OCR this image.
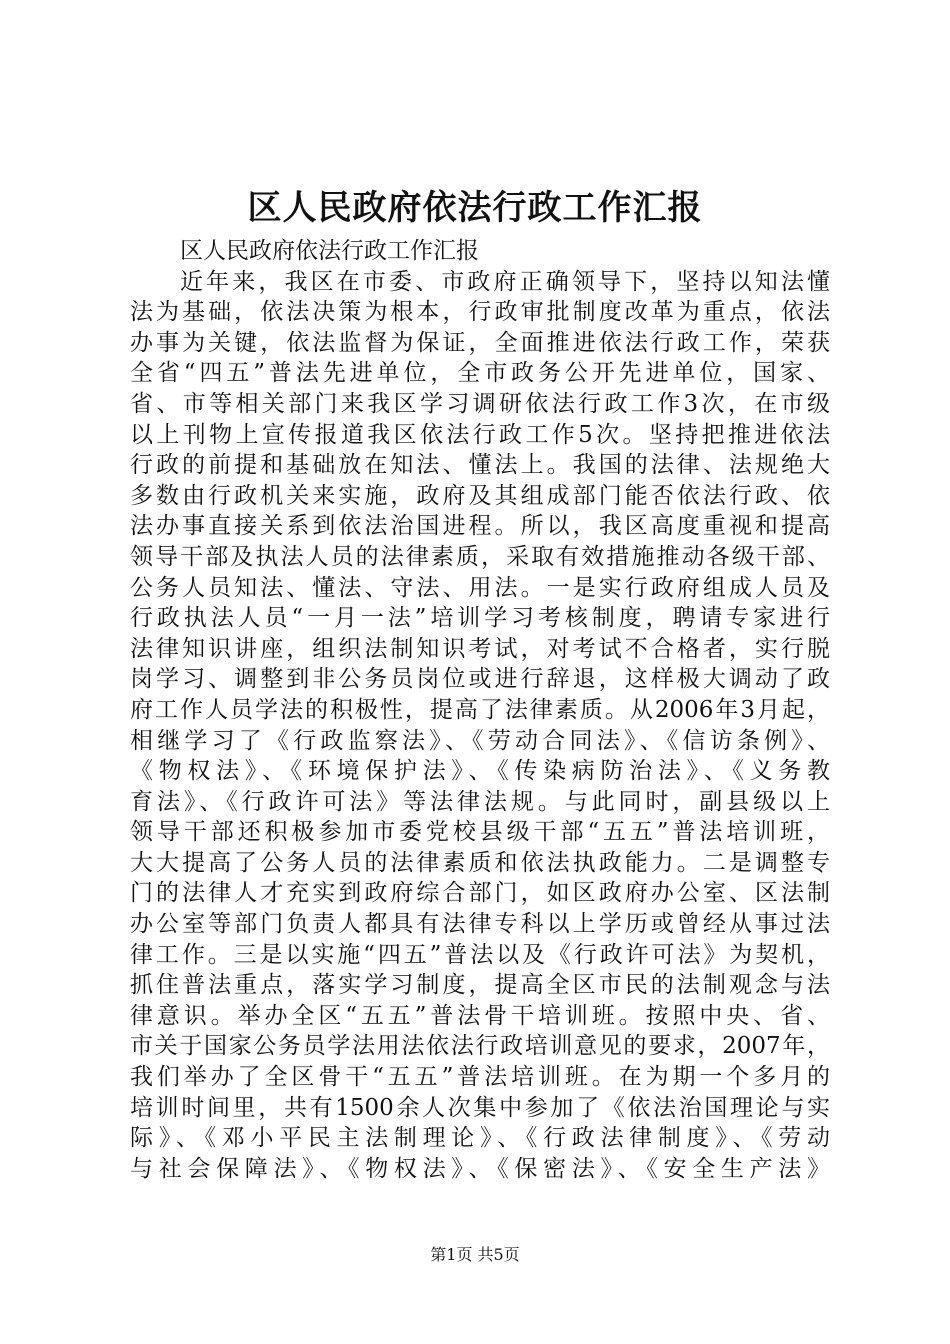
区人民政府依法行政工作汇报
区人民政府依法行政工作汇报
近年来，我区在市委、市政府正确领导下，坚持以知法懂
法为基础，依法决策为根本，行政审批制度改革为重点，依法
办事为关键，依法监督为保证，全面推进依法行政工作，荣获
全省“四五”普法先进单位，全市政务公开先进单位，国家、
省、市等相关部门来我区学习调研依法行政工作3次，在市级
以上刊物上宣传报道我区依法行政工作5次。坚持把推进依法
行政的前提和基础放在知法、懂法上。我国的法律、法规绝大
多数由行政机关来实施，政府及其组成部门能否依法行政、依
法办事直接关系到依法治国进程。所以，我区高度重视和提高
领导干部及执法人员的法律素质，采取有效措施推动各级干部、
公务人员知法、懂法、守法、用法。一是实行政府组成人员及
行政执法人员“一月一法”培训学习考核制度，聘请专家进行
法律知识讲座，组织法制知识考试，对考试不合格者，实行脱
岗学习、调整到非公务员岗位或进行辞退，这样极大调动了政
府工作人员学法的积极性，提高了法律素质。从2006年3月起，
相继学习了《行政监察法》、《劳动合同法》、《信访条例》、
《物权法》、《环境保护法》、《传染病防治法》、《义务教
育法》、《行政许可法》等法律法规。与此同时，副县级以上
领导干部还积极参加市委党校县级干部“五五”普法培训班，
大大提高了公务人员的法律素质和依法执政能力。二是调整专
门的法律人才充实到政府综合部门，如区政府办公室、区法制
办公室等部门负责人都具有法律专科以上学历或曾经从事过法
律工作。三是以实施“四五”普法以及《行政许可法》为契机，
抓住普法重点，落实学习制度，提高全区市民的法制观念与法
律意识。举办全区“五五”普法骨干培训班。按照中央、省、
市关于国家公务员学法用法依法行政培训意见的要求，2007年，
我们举办了全区骨干“五五”普法培训班。在为期一个多月的
培训时间里，共有1500余人次集中参加了《依法治国理论与实
际》、《邓小平民主法制理论》、《行政法律制度》、《劳动
与社会保障法》、《物权法》、《保密法》、《安全生产法》
第1页 共5页
